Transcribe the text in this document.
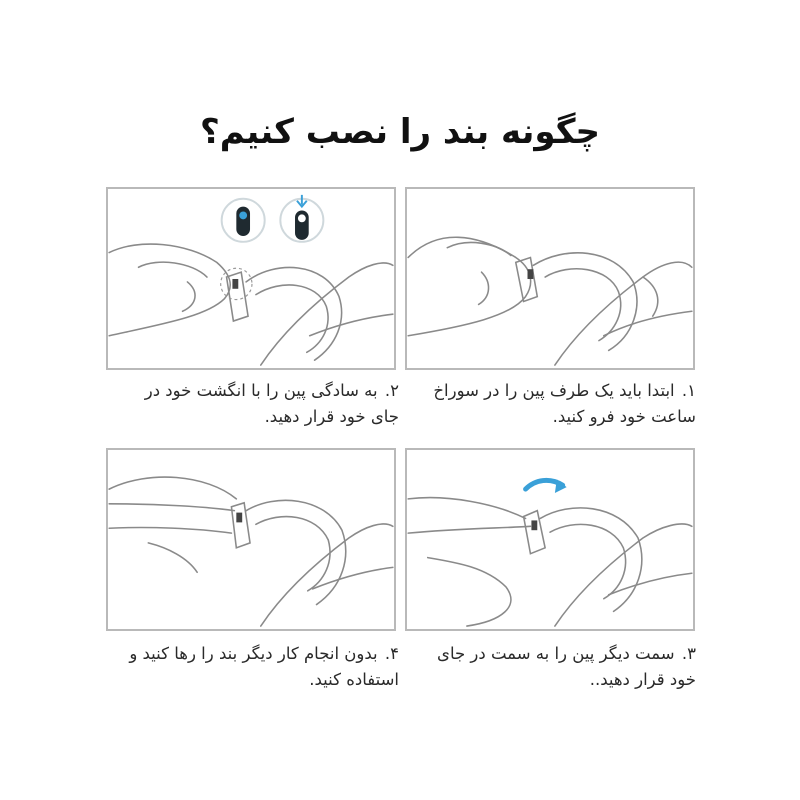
چگونه بند را نصب کنیم؟
۱. ابتدا باید یک طرف پین را در سوراخ
ساعت خود فرو کنید.
۲. به سادگی پین را با انگشت خود در
جای خود قرار دهید.
۳. سمت دیگر پین را به سمت در جای
خود قرار دهید..
۴. بدون انجام کار دیگر بند را رها کنید و
استفاده کنید.
